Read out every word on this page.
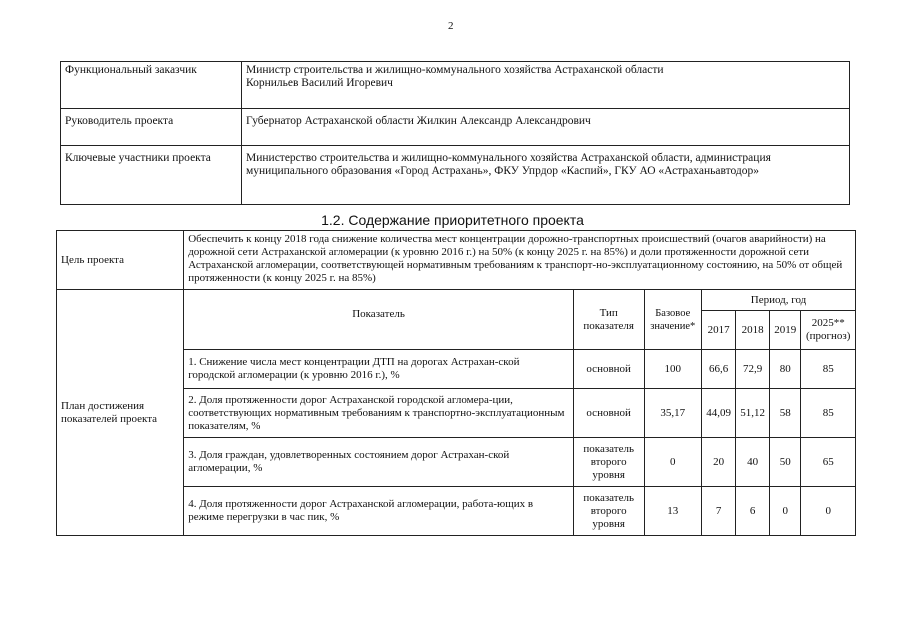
2
Функциональный заказчик	Министр строительства и жилищно-коммунального хозяйства Астраханской области
Корнильев Василий Игоревич

Руководитель проекта	Губернатор Астраханской области Жилкин Александр Александрович

Ключевые участники проекта	Министерство строительства и жилищно-коммунального хозяйства Астраханской области, администрация
муниципального образования «Город Астрахань», ФКУ Упрдор «Каспий», ГКУ АО «Астраханьавтодор»
1.2. Содержание приоритетного проекта
Цель проекта	Обеспечить к концу 2018 года снижение количества мест концентрации дорожно-транспортных происшествий (очагов аварийности) на дорожной сети Астраханской агломерации (к уровню 2016 г.) на 50% (к концу 2025 г. на 85%) и доли протяженности дорожной сети Астраханской агломерации, соответствующей нормативным требованиям к транспорт-но-эксплуатационному состоянию, на 50% от общей протяженности (к концу 2025 г. на 85%)						
План достижения показателей проекта	Показатель	Тип показателя	Базовое значение*	Период, год			
				2017	2018	2019	2025**
(прогноз)

	1. Снижение числа мест концентрации ДТП на дорогах Астрахан-ской городской агломерации (к уровню 2016 г.), %	основной	100	66,6	72,9	80	85
	2. Доля протяженности дорог Астраханской городской агломера-ции, соответствующих нормативным требованиям к транспортно-эксплуатационным показателям, %	основной	35,17	44,09	51,12	58	85
	3. Доля граждан, удовлетворенных состоянием дорог Астрахан-ской агломерации, %	показатель второго уровня	0	20	40	50	65
	4. Доля протяженности дорог Астраханской агломерации, работа-ющих в режиме перегрузки в час пик, %	показатель второго уровня	13	7	6	0	0
